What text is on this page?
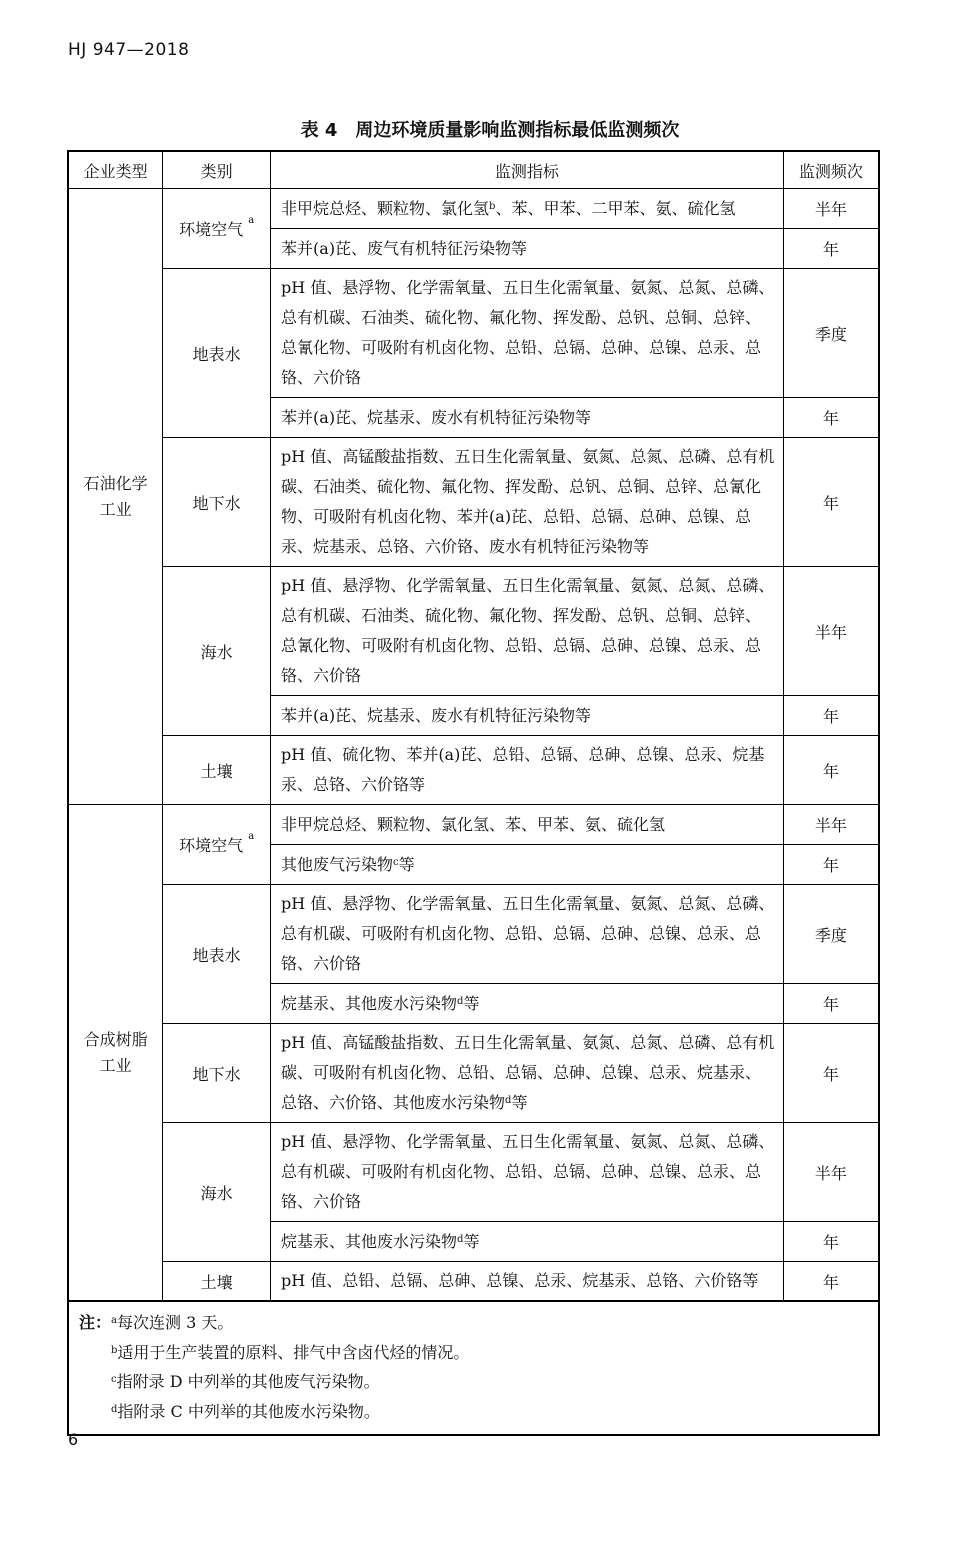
HJ 947—2018
表 4　周边环境质量影响监测指标最低监测频次
企业类型	类别	监测指标	监测频次

石油化学
工业	环境空气 $^a$	非甲烷总烃、颗粒物、氯化氢$^b$、苯、甲苯、二甲苯、氨、硫化氢	半年
		苯并(a)芘、废气有机特征污染物等	年
	地表水	pH 值、悬浮物、化学需氧量、五日生化需氧量、氨氮、总氮、总磷、总有机碳、石油类、硫化物、氟化物、挥发酚、总钒、总铜、总锌、总氰化物、可吸附有机卤化物、总铅、总镉、总砷、总镍、总汞、总铬、六价铬	季度
		苯并(a)芘、烷基汞、废水有机特征污染物等	年
	地下水	pH 值、高锰酸盐指数、五日生化需氧量、氨氮、总氮、总磷、总有机碳、石油类、硫化物、氟化物、挥发酚、总钒、总铜、总锌、总氰化物、可吸附有机卤化物、苯并(a)芘、总铅、总镉、总砷、总镍、总汞、烷基汞、总铬、六价铬、废水有机特征污染物等	年
	海水	pH 值、悬浮物、化学需氧量、五日生化需氧量、氨氮、总氮、总磷、总有机碳、石油类、硫化物、氟化物、挥发酚、总钒、总铜、总锌、总氰化物、可吸附有机卤化物、总铅、总镉、总砷、总镍、总汞、总铬、六价铬	半年
		苯并(a)芘、烷基汞、废水有机特征污染物等	年
	土壤	pH 值、硫化物、苯并(a)芘、总铅、总镉、总砷、总镍、总汞、烷基汞、总铬、六价铬等	年

合成树脂
工业	环境空气 $^a$	非甲烷总烃、颗粒物、氯化氢、苯、甲苯、氨、硫化氢	半年
		其他废气污染物$^c$等	年
	地表水	pH 值、悬浮物、化学需氧量、五日生化需氧量、氨氮、总氮、总磷、总有机碳、可吸附有机卤化物、总铅、总镉、总砷、总镍、总汞、总铬、六价铬	季度
		烷基汞、其他废水污染物$^d$等	年
	地下水	pH 值、高锰酸盐指数、五日生化需氧量、氨氮、总氮、总磷、总有机碳、可吸附有机卤化物、总铅、总镉、总砷、总镍、总汞、烷基汞、总铬、六价铬、其他废水污染物$^d$等	年
	海水	pH 值、悬浮物、化学需氧量、五日生化需氧量、氨氮、总氮、总磷、总有机碳、可吸附有机卤化物、总铅、总镉、总砷、总镍、总汞、总铬、六价铬	半年
		烷基汞、其他废水污染物$^d$等	年
	土壤	pH 值、总铅、总镉、总砷、总镍、总汞、烷基汞、总铬、六价铬等	年

注：$^a$每次连测 3 天。
$^b$适用于生产装置的原料、排气中含卤代烃的情况。
$^c$指附录 D 中列举的其他废气污染物。
$^d$指附录 C 中列举的其他废水污染物。			
6
